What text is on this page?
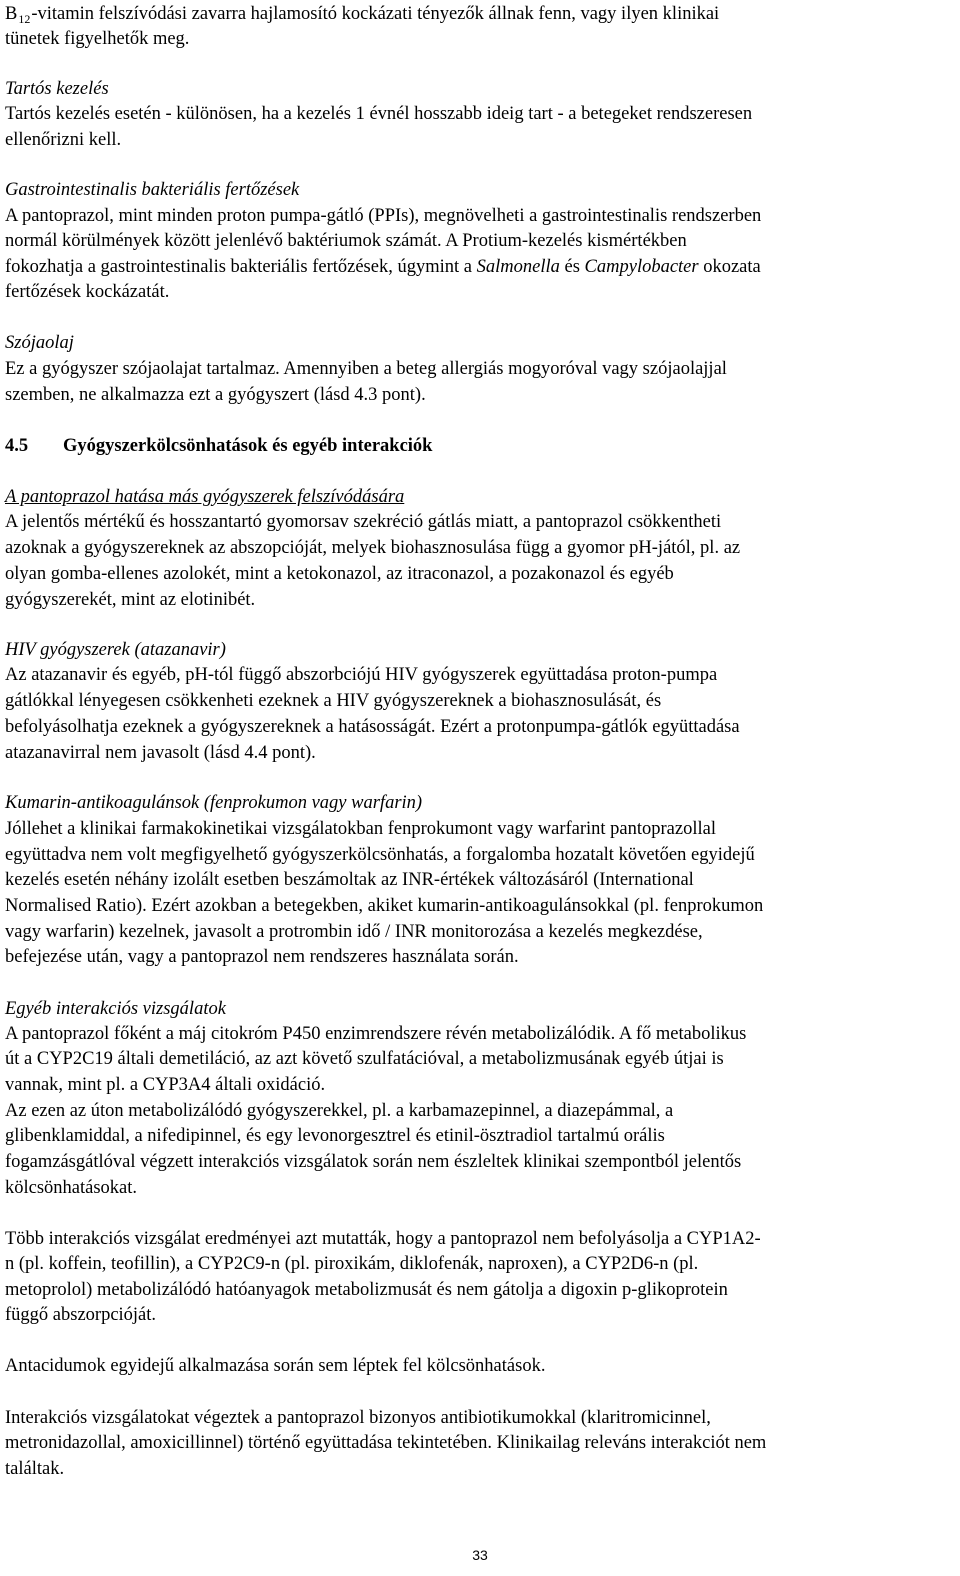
$B_{12}$-vitamin felszívódási zavarra hajlamosító kockázati tényezők állnak fenn, vagy ilyen klinikai
tünetek figyelhetők meg.
Tartós kezelés
Tartós kezelés esetén - különösen, ha a kezelés 1 évnél hosszabb ideig tart - a betegeket rendszeresen
ellenőrizni kell.
Gastrointestinalis bakteriális fertőzések
A pantoprazol, mint minden proton pumpa-gátló (PPIs), megnövelheti a gastrointestinalis rendszerben
normál körülmények között jelenlévő baktériumok számát. A Protium-kezelés kismértékben
fokozhatja a gastrointestinalis bakteriális fertőzések, úgymint a Salmonella és Campylobacter okozata
fertőzések kockázatát.
Szójaolaj
Ez a gyógyszer szójaolajat tartalmaz. Amennyiben a beteg allergiás mogyoróval vagy szójaolajjal
szemben, ne alkalmazza ezt a gyógyszert (lásd 4.3 pont).
4.5 Gyógyszerkölcsönhatások és egyéb interakciók
A pantoprazol hatása más gyógyszerek felszívódására
A jelentős mértékű és hosszantartó gyomorsav szekréció gátlás miatt, a pantoprazol csökkentheti
azoknak a gyógyszereknek az abszopcióját, melyek biohasznosulása függ a gyomor pH-jától, pl. az
olyan gomba-ellenes azolokét, mint a ketokonazol, az itraconazol, a pozakonazol és egyéb
gyógyszerekét, mint az elotinibét.
HIV gyógyszerek (atazanavir)
Az atazanavir és egyéb, pH-tól függő abszorbciójú HIV gyógyszerek együttadása proton-pumpa
gátlókkal lényegesen csökkenheti ezeknek a HIV gyógyszereknek a biohasznosulását, és
befolyásolhatja ezeknek a gyógyszereknek a hatásosságát. Ezért a protonpumpa-gátlók együttadása
atazanavirral nem javasolt (lásd 4.4 pont).
Kumarin-antikoagulánsok (fenprokumon vagy warfarin)
Jóllehet a klinikai farmakokinetikai vizsgálatokban fenprokumont vagy warfarint pantoprazollal
együttadva nem volt megfigyelhető gyógyszerkölcsönhatás, a forgalomba hozatalt követően egyidejű
kezelés esetén néhány izolált esetben beszámoltak az INR-értékek változásáról (International
Normalised Ratio). Ezért azokban a betegekben, akiket kumarin-antikoagulánsokkal (pl. fenprokumon
vagy warfarin) kezelnek, javasolt a protrombin idő / INR monitorozása a kezelés megkezdése,
befejezése után, vagy a pantoprazol nem rendszeres használata során.
Egyéb interakciós vizsgálatok
A pantoprazol főként a máj citokróm P450 enzimrendszere révén metabolizálódik. A fő metabolikus
út a CYP2C19 általi demetiláció, az azt követő szulfatációval, a metabolizmusának egyéb útjai is
vannak, mint pl. a CYP3A4 általi oxidáció.
Az ezen az úton metabolizálódó gyógyszerekkel, pl. a karbamazepinnel, a diazepámmal, a
glibenklamiddal, a nifedipinnel, és egy levonorgesztrel és etinil-ösztradiol tartalmú orális
fogamzásgátlóval végzett interakciós vizsgálatok során nem észleltek klinikai szempontból jelentős
kölcsönhatásokat.
Több interakciós vizsgálat eredményei azt mutatták, hogy a pantoprazol nem befolyásolja a CYP1A2-
n (pl. koffein, teofillin), a CYP2C9-n (pl. piroxikám, diklofenák, naproxen), a CYP2D6-n (pl.
metoprolol) metabolizálódó hatóanyagok metabolizmusát és nem gátolja a digoxin p-glikoprotein
függő abszorpcióját.
Antacidumok egyidejű alkalmazása során sem léptek fel kölcsönhatások.
Interakciós vizsgálatokat végeztek a pantoprazol bizonyos antibiotikumokkal (klaritromicinnel,
metronidazollal, amoxicillinnel) történő együttadása tekintetében. Klinikailag releváns interakciót nem
találtak.
33
